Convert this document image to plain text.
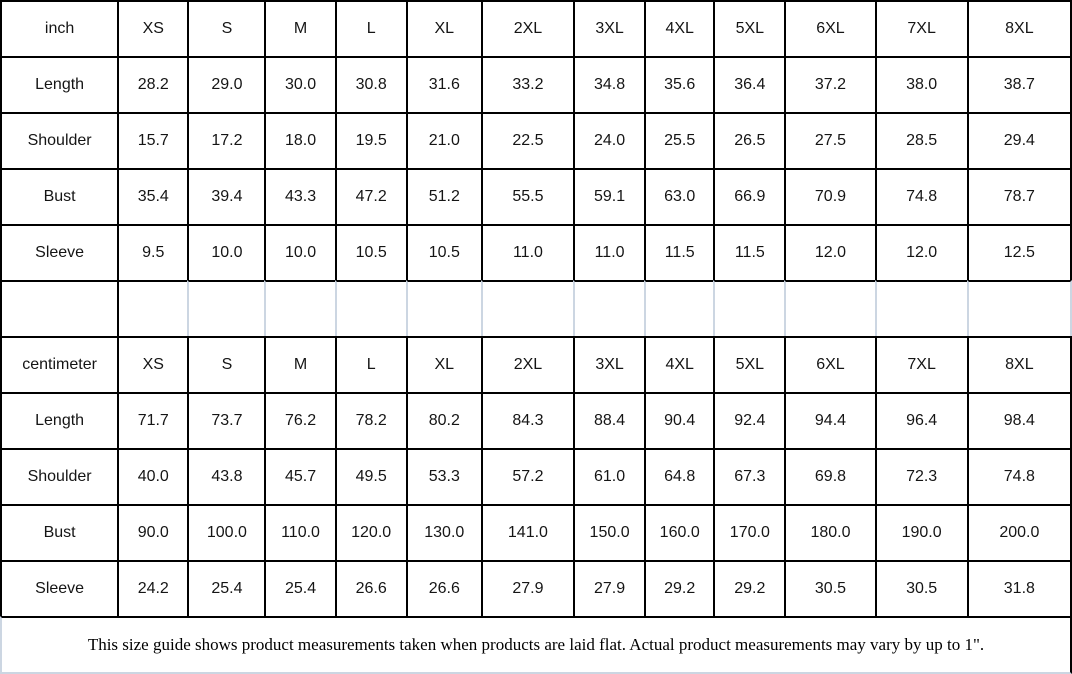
inch	XS	S	M	L	XL	2XL	3XL	4XL	5XL	6XL	7XL	8XL
Length	28.2	29.0	30.0	30.8	31.6	33.2	34.8	35.6	36.4	37.2	38.0	38.7
Shoulder	15.7	17.2	18.0	19.5	21.0	22.5	24.0	25.5	26.5	27.5	28.5	29.4
Bust	35.4	39.4	43.3	47.2	51.2	55.5	59.1	63.0	66.9	70.9	74.8	78.7
Sleeve	9.5	10.0	10.0	10.5	10.5	11.0	11.0	11.5	11.5	12.0	12.0	12.5

centimeter	XS	S	M	L	XL	2XL	3XL	4XL	5XL	6XL	7XL	8XL
Length	71.7	73.7	76.2	78.2	80.2	84.3	88.4	90.4	92.4	94.4	96.4	98.4
Shoulder	40.0	43.8	45.7	49.5	53.3	57.2	61.0	64.8	67.3	69.8	72.3	74.8
Bust	90.0	100.0	110.0	120.0	130.0	141.0	150.0	160.0	170.0	180.0	190.0	200.0
Sleeve	24.2	25.4	25.4	26.6	26.6	27.9	27.9	29.2	29.2	30.5	30.5	31.8
This size guide shows product measurements taken when products are laid flat. Actual product measurements may vary by up to 1".												
